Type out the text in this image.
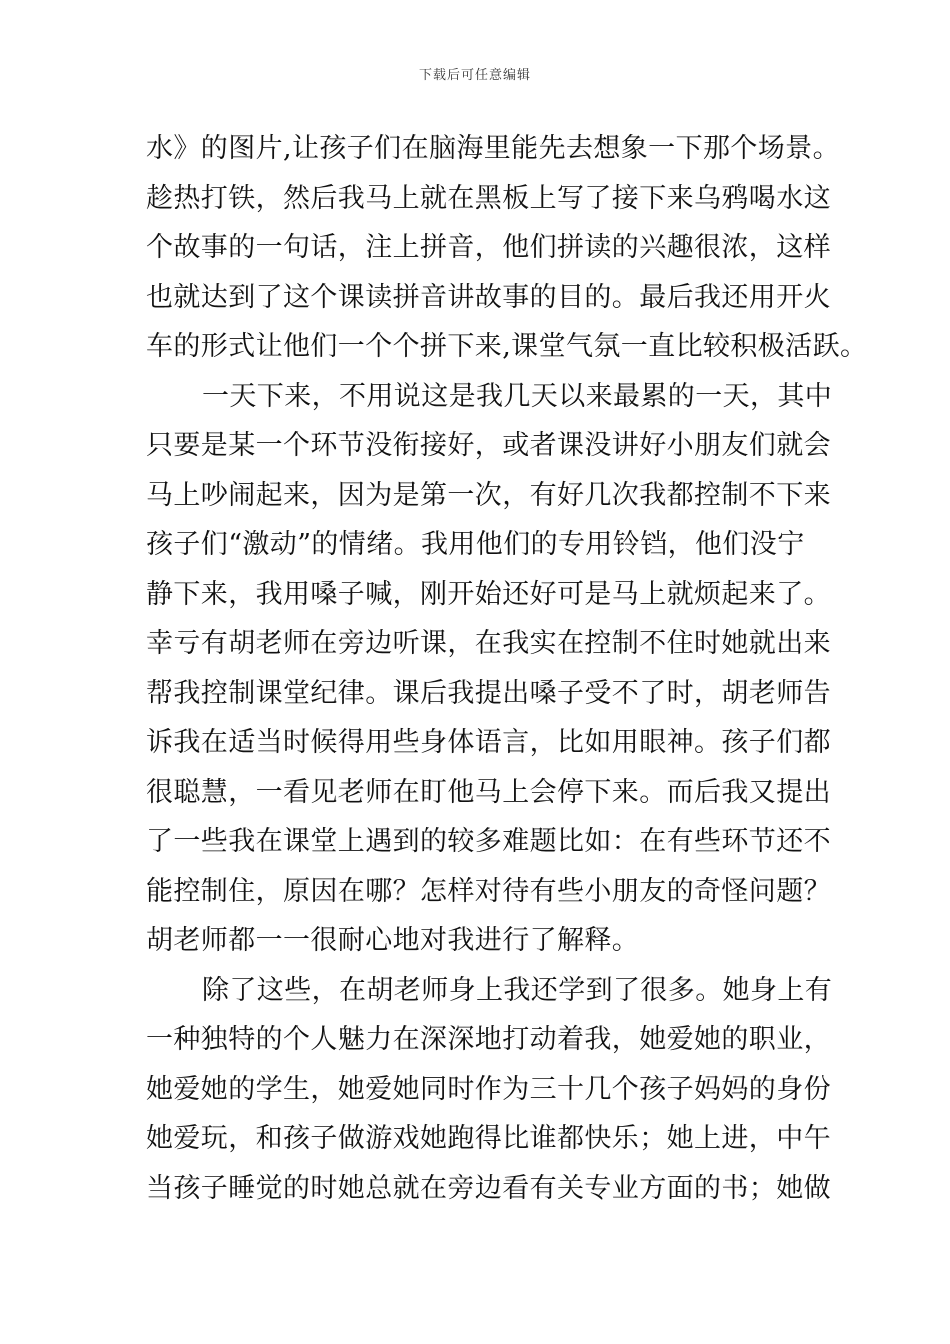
下载后可任意编辑
水》的图片,让孩子们在脑海里能先去想象一下那个场景。
趁热打铁，然后我马上就在黑板上写了接下来乌鸦喝水这
个故事的一句话，注上拼音，他们拼读的兴趣很浓，这样
也就达到了这个课读拼音讲故事的目的。最后我还用开火
车的形式让他们一个个拼下来,课堂气氛一直比较积极活跃。
一天下来，不用说这是我几天以来最累的一天，其中
只要是某一个环节没衔接好，或者课没讲好小朋友们就会
马上吵闹起来，因为是第一次，有好几次我都控制不下来
孩子们“激动”的情绪。我用他们的专用铃铛，他们没宁
静下来，我用嗓子喊，刚开始还好可是马上就烦起来了。
幸亏有胡老师在旁边听课，在我实在控制不住时她就出来
帮我控制课堂纪律。课后我提出嗓子受不了时，胡老师告
诉我在适当时候得用些身体语言，比如用眼神。孩子们都
很聪慧，一看见老师在盯他马上会停下来。而后我又提出
了一些我在课堂上遇到的较多难题比如：在有些环节还不
能控制住，原因在哪？怎样对待有些小朋友的奇怪问题？
胡老师都一一很耐心地对我进行了解释。
除了这些，在胡老师身上我还学到了很多。她身上有
一种独特的个人魅力在深深地打动着我，她爱她的职业，
她爱她的学生，她爱她同时作为三十几个孩子妈妈的身份
她爱玩，和孩子做游戏她跑得比谁都快乐；她上进，中午
当孩子睡觉的时她总就在旁边看有关专业方面的书；她做
